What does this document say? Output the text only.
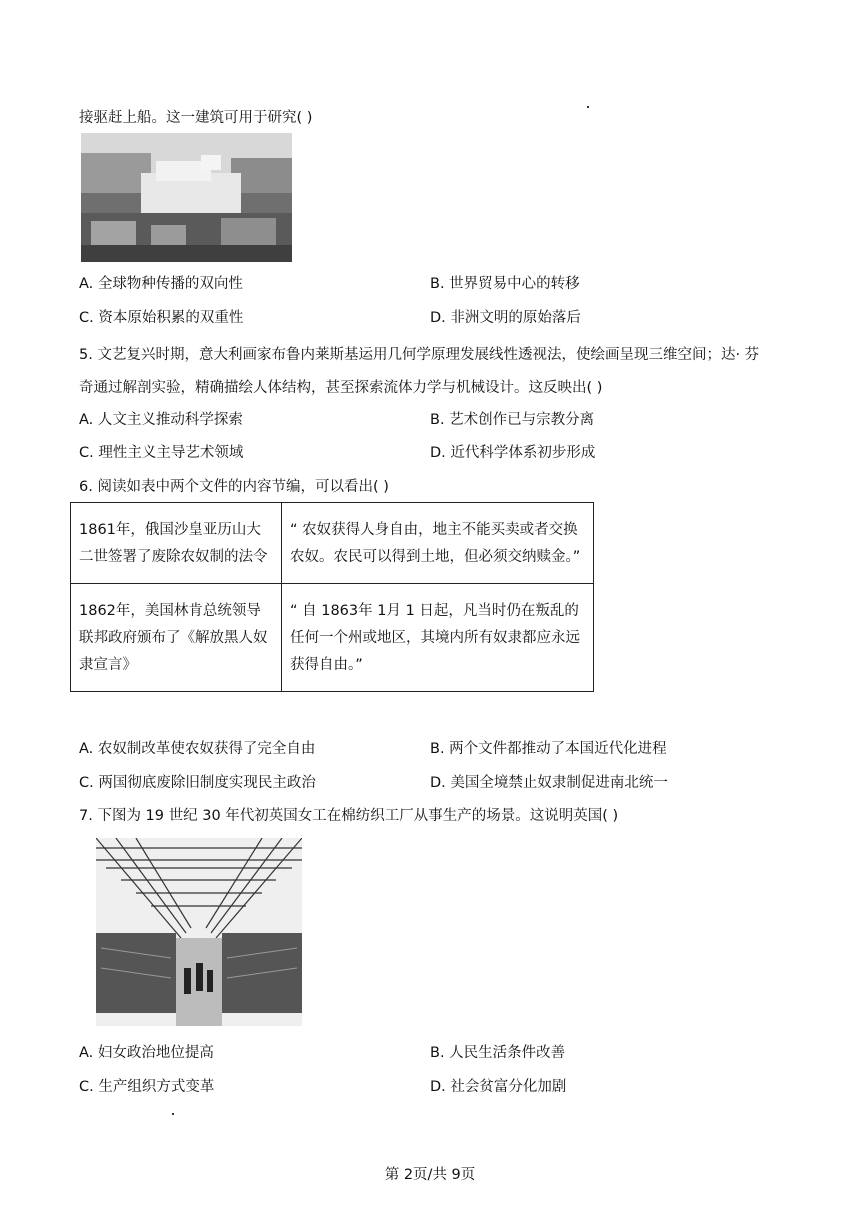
接驱赶上船。这一建筑可用于研究( )
A. 全球物种传播的双向性	B. 世界贸易中心的转移
C. 资本原始积累的双重性	D. 非洲文明的原始落后
5. 文艺复兴时期，意大利画家布鲁内莱斯基运用几何学原理发展线性透视法，使绘画呈现三维空间；达· 芬
奇通过解剖实验，精确描绘人体结构，甚至探索流体力学与机械设计。这反映出( )
A. 人文主义推动科学探索	B. 艺术创作已与宗教分离
C. 理性主义主导艺术领域	D. 近代科学体系初步形成
6. 阅读如表中两个文件的内容节编，可以看出( )
1861年，俄国沙皇亚历山大二世签署了废除农奴制的法令	“ 农奴获得人身自由，地主不能买卖或者交换农奴。农民可以得到土地，但必须交纳赎金。”
1862年，美国林肯总统领导联邦政府颁布了《解放黑人奴隶宣言》	“ 自 1863年 1月 1 日起，凡当时仍在叛乱的任何一个州或地区，其境内所有奴隶都应永远获得自由。”
A. 农奴制改革使农奴获得了完全自由	B. 两个文件都推动了本国近代化进程
C. 两国彻底废除旧制度实现民主政治	D. 美国全境禁止奴隶制促进南北统一
7. 下图为 19 世纪 30 年代初英国女工在棉纺织工厂从事生产的场景。这说明英国( )
A. 妇女政治地位提高	B. 人民生活条件改善
C. 生产组织方式变革	D. 社会贫富分化加剧
第 2页/共 9页
